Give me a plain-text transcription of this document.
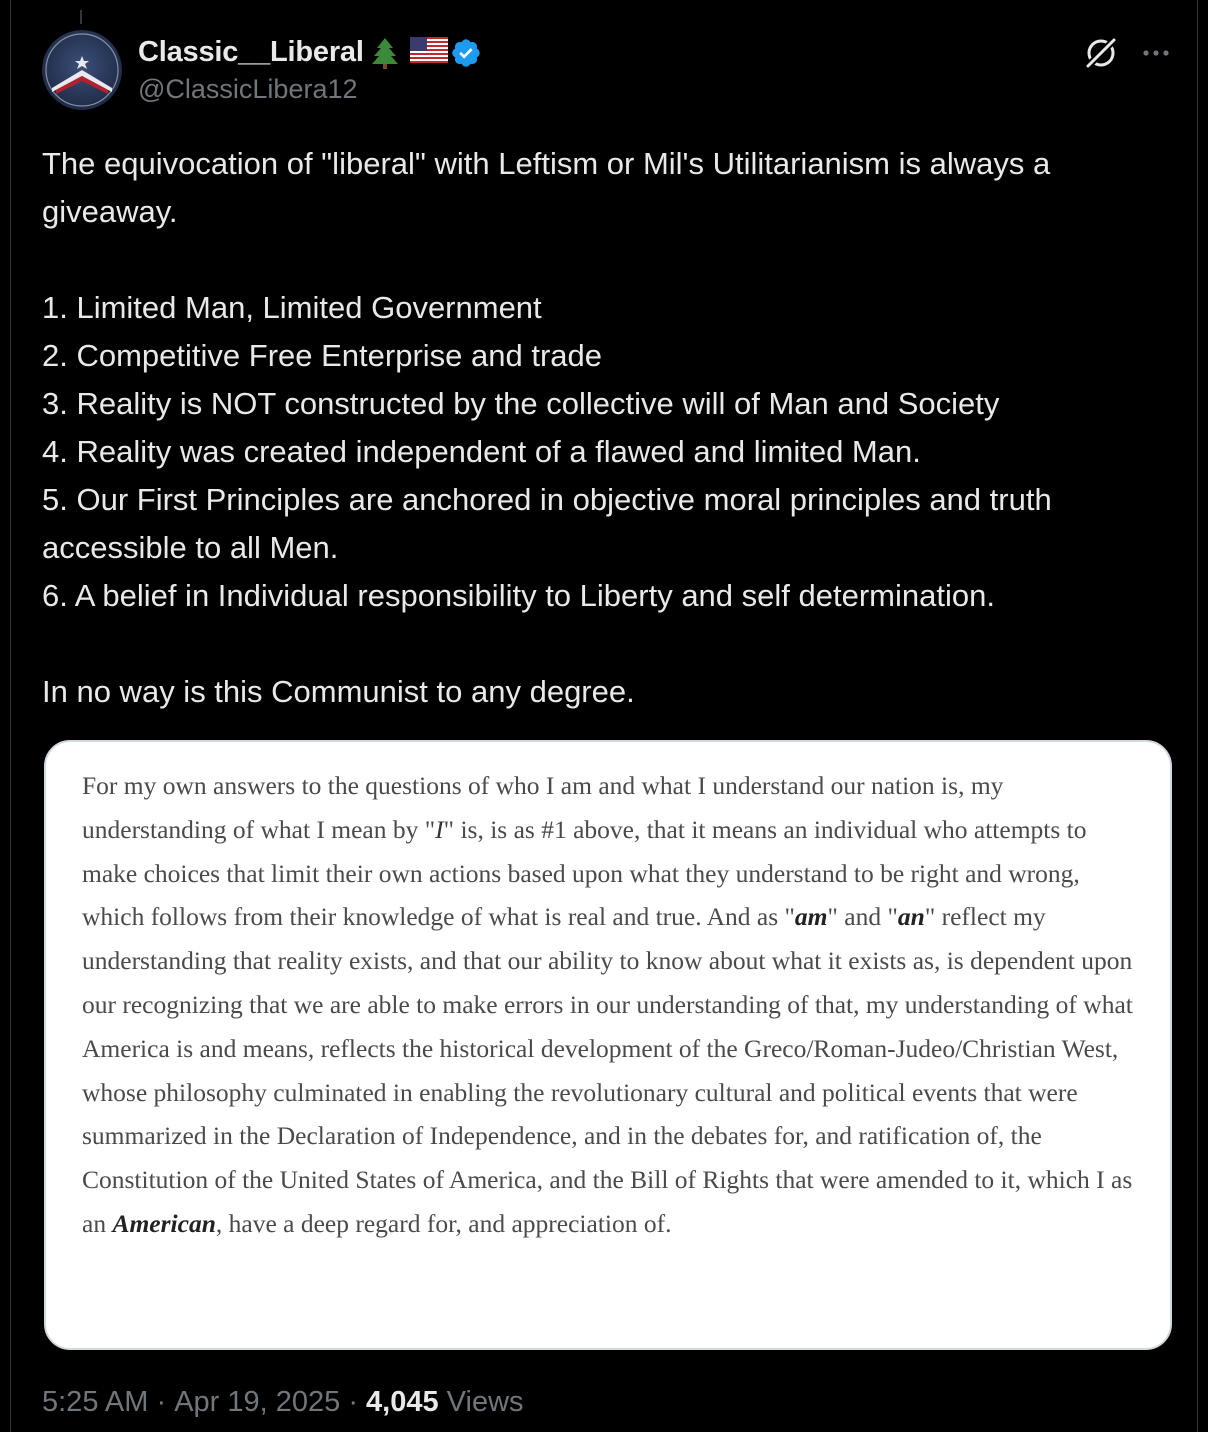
Classic__Liberal
@ClassicLibera12
The equivocation of "liberal" with Leftism or Mil's Utilitarianism is always a giveaway.

1. Limited Man, Limited Government
2. Competitive Free Enterprise and trade
3. Reality is NOT constructed by the collective will of Man and Society
4. Reality was created independent of a flawed and limited Man.
5. Our First Principles are anchored in objective moral principles and truth accessible to all Men.
6. A belief in Individual responsibility to Liberty and self determination.

In no way is this Communist to any degree.
For my own answers to the questions of who I am and what I understand our nation is, my understanding of what I mean by "I" is, is as #1 above, that it means an individual who attempts to make choices that limit their own actions based upon what they understand to be right and wrong, which follows from their knowledge of what is real and true. And as "am" and "an" reflect my understanding that reality exists, and that our ability to know about what it exists as, is dependent upon our recognizing that we are able to make errors in our understanding of that, my understanding of what America is and means, reflects the historical development of the Greco/Roman-Judeo/Christian West, whose philosophy culminated in enabling the revolutionary cultural and political events that were summarized in the Declaration of Independence, and in the debates for, and ratification of, the Constitution of the United States of America, and the Bill of Rights that were amended to it, which I as an American, have a deep regard for, and appreciation of.
5:25 AM · Apr 19, 2025 · 4,045 Views
